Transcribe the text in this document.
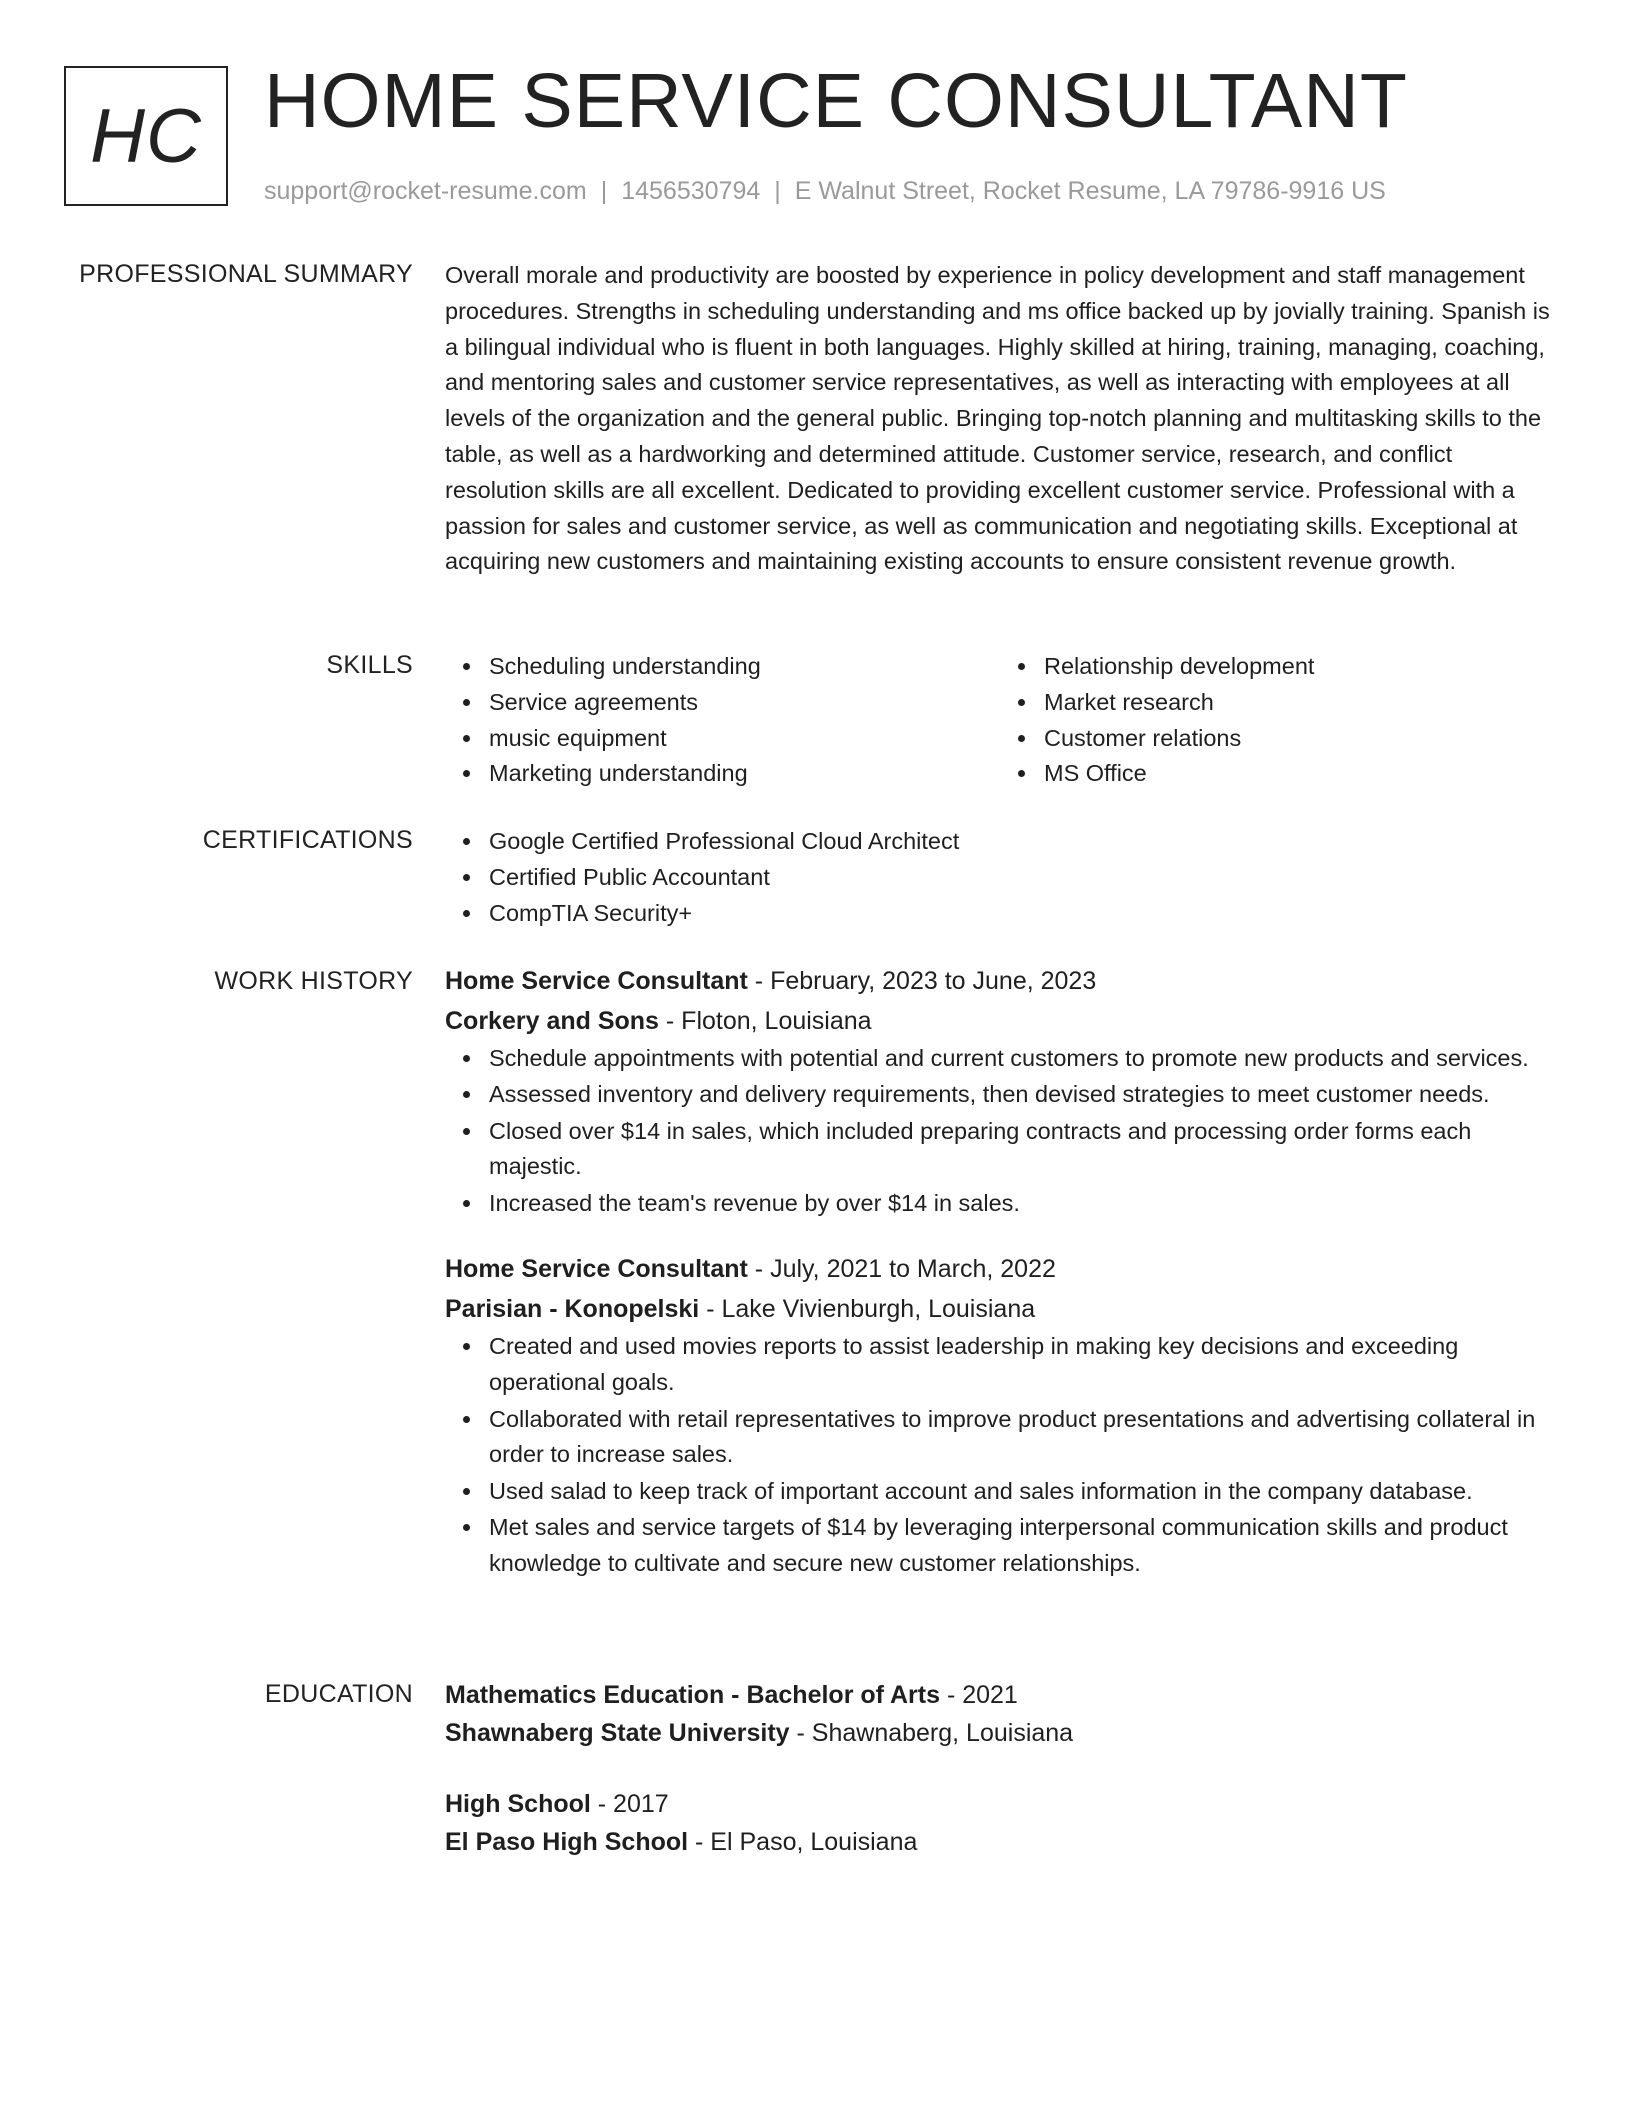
HC HOME SERVICE CONSULTANT
support@rocket-resume.com | 1456530794 | E Walnut Street, Rocket Resume, LA 79786-9916 US
PROFESSIONAL SUMMARY Overall morale and productivity are boosted by experience in policy development and staff management procedures. Strengths in scheduling understanding and ms office backed up by jovially training. Spanish is a bilingual individual who is fluent in both languages. Highly skilled at hiring, training, managing, coaching, and mentoring sales and customer service representatives, as well as interacting with employees at all levels of the organization and the general public. Bringing top-notch planning and multitasking skills to the table, as well as a hardworking and determined attitude. Customer service, research, and conflict resolution skills are all excellent. Dedicated to providing excellent customer service. Professional with a passion for sales and customer service, as well as communication and negotiating skills. Exceptional at acquiring new customers and maintaining existing accounts to ensure consistent revenue growth.

SKILLS	Scheduling understanding
Service agreements
music equipment
Marketing understanding
Relationship development
Market research
Customer relations
MS Office
CERTIFICATIONS	Google Certified Professional Cloud Architect
Certified Public Accountant
CompTIA Security+
WORK HISTORY Home Service Consultant - February, 2023 to June, 2023
Corkery and Sons - Floton, Louisiana
Schedule appointments with potential and current customers to promote new products and services.
Assessed inventory and delivery requirements, then devised strategies to meet customer needs.
Closed over $14 in sales, which included preparing contracts and processing order forms each majestic.
Increased the team's revenue by over $14 in sales.
Home Service Consultant - July, 2021 to March, 2022
Parisian - Konopelski - Lake Vivienburgh, Louisiana
Created and used movies reports to assist leadership in making key decisions and exceeding operational goals.
Collaborated with retail representatives to improve product presentations and advertising collateral in order to increase sales.
Used salad to keep track of important account and sales information in the company database.
Met sales and service targets of $14 by leveraging interpersonal communication skills and product knowledge to cultivate and secure new customer relationships.
EDUCATION Mathematics Education - Bachelor of Arts - 2021
Shawnaberg State University - Shawnaberg, Louisiana
High School - 2017
El Paso High School - El Paso, Louisiana
